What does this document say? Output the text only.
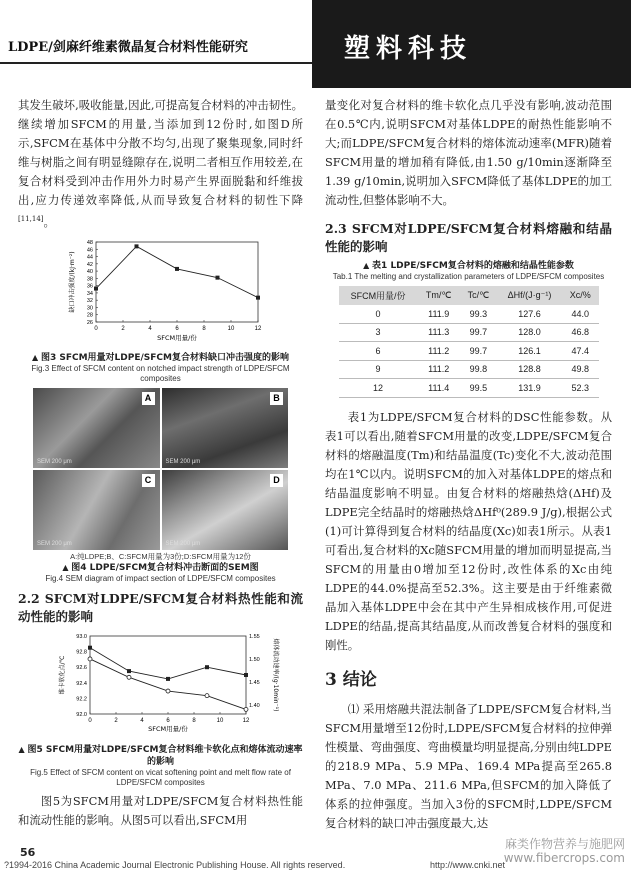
LDPE/剑麻纤维素微晶复合材料性能研究	塑料科技

其发生破坏,吸收能量,因此,可提高复合材料的冲击韧性。继续增加SFCM的用量,当添加到12份时,如图D所示,SFCM在基体中分散不均匀,出现了聚集现象,同时纤维与树脂之间有明显缝隙存在,说明二者相互作用较差,在复合材料受到冲击作用外力时易产生界面脱黏和纤维拔出,应力传递效率降低,从而导致复合材料的韧性下降[11,14]。

0	2	4	6	8	10	12
26
28
30
32
34
36
38
40
42
44
46
48
SFCM用量/份
缺口冲击强度/(kJ·m⁻²)
▲ 图3 SFCM用量对LDPE/SFCM复合材料缺口冲击强度的影响
Fig.3 Effect of SFCM content on notched impact strength of LDPE/SFCM composites
A
SEM 200 μm
B
SEM 200 μm
C
SEM 200 μm
D
SEM 200 μm
A:纯LDPE;B、C:SFCM用量为3份;D:SFCM用量为12份
▲ 图4 LDPE/SFCM复合材料冲击断面的SEM图
Fig.4 SEM diagram of impact section of LDPE/SFCM composites
2.2 SFCM对LDPE/SFCM复合材料热性能和流动性能的影响
0	2	4	6	8	10	12
92.0
92.2
92.4
92.6
92.8
93.0
1.40
1.45
1.50
1.55
SFCM用量/份
维卡软化点/℃	熔体流动速率/(g·10min⁻¹)
▲ 图5 SFCM用量对LDPE/SFCM复合材料维卡软化点和熔体流动速率的影响
Fig.5 Effect of SFCM content on vicat softening point and melt flow rate of LDPE/SFCM composites

图5为SFCM用量对LDPE/SFCM复合材料热性能和流动性能的影响。从图5可以看出,SFCM用

量变化对复合材料的维卡软化点几乎没有影响,波动范围在0.5℃内,说明SFCM对基体LDPE的耐热性能影响不大;而LDPE/SFCM复合材料的熔体流动速率(MFR)随着SFCM用量的增加稍有降低,由1.50 g/10min逐渐降至1.39 g/10min,说明加入SFCM降低了基体LDPE的加工流动性,但整体影响不大。

2.3 SFCM对LDPE/SFCM复合材料熔融和结晶性能的影响
▲ 表1 LDPE/SFCM复合材料的熔融和结晶性能参数
Tab.1 The melting and crystallization parameters of LDPE/SFCM composites
SFCM用量/份	Tm/℃	Tc/℃	ΔHf/(J·g⁻¹)	Xc/%
0	111.9	99.3	127.6	44.0
3	111.3	99.7	128.0	46.8
6	111.2	99.7	126.1	47.4
9	111.2	99.8	128.8	49.8
12	111.4	99.5	131.9	52.3

表1为LDPE/SFCM复合材料的DSC性能参数。从表1可以看出,随着SFCM用量的改变,LDPE/SFCM复合材料的熔融温度(Tm)和结晶温度(Tc)变化不大,波动范围均在1℃以内。说明SFCM的加入对基体LDPE的熔点和结晶温度影响不明显。由复合材料的熔融热焓(ΔHf)及LDPE完全结晶时的熔融热焓ΔHf⁰(289.9 J/g),根据公式(1)可计算得到复合材料的结晶度(Xc)如表1所示。从表1可看出,复合材料的Xc随SFCM用量的增加而明显提高,当SFCM的用量由0增加至12份时,改性体系的Xc由纯LDPE的44.0%提高至52.3%。这主要是由于纤维素微晶加入基体LDPE中会在其中产生异相成核作用,可促进LDPE的结晶,提高其结晶度,从而改善复合材料的强度和刚性。

3 结论

⑴ 采用熔融共混法制备了LDPE/SFCM复合材料,当SFCM用量增至12份时,LDPE/SFCM复合材料的拉伸弹性模量、弯曲强度、弯曲模量均明显提高,分别由纯LDPE的218.9 MPa、5.9 MPa、169.4 MPa提高至265.8 MPa、7.0 MPa、211.6 MPa,但SFCM的加入降低了体系的拉伸强度。当加入3份的SFCM时,LDPE/SFCM复合材料的缺口冲击强度最大,达

麻类作物营养与施肥网
www.fibercrops.com
56
?1994-2016 China Academic Journal Electronic Publishing House. All rights reserved.	http://www.cnki.net
